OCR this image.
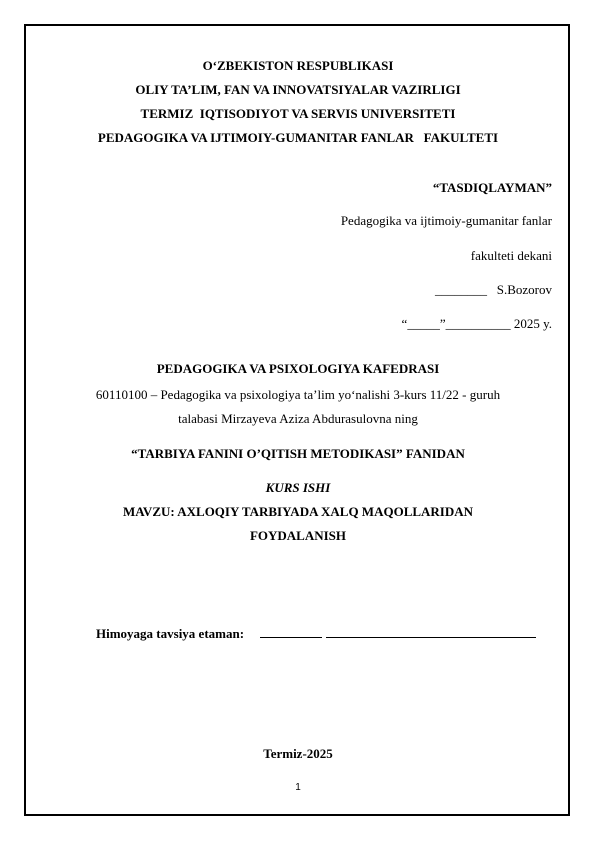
O‘ZBEKISTON RESPUBLIKASI
OLIY TA’LIM, FAN VA INNOVATSIYALAR VAZIRLIGI
TERMIZ  IQTISODIYOT VA SERVIS UNIVERSITETI
PEDAGOGIKA VA IJTIMOIY-GUMANITAR FANLAR   FAKULTETI
“TASDIQLAYMAN”
Pedagogika va ijtimoiy-gumanitar fanlar
fakulteti dekani
________   S.Bozorov
“_____”__________ 2025 y.
PEDAGOGIKA VA PSIXOLOGIYA KAFEDRASI
60110100 – Pedagogika va psixologiya ta’lim yo‘nalishi 3-kurs 11/22 - guruh
talabasi Mirzayeva Aziza Abdurasulovna ning
“TARBIYA FANINI O’QITISH METODIKASI” FANIDAN
KURS ISHI
MAVZU: AXLOQIY TARBIYADA XALQ MAQOLLARIDAN
FOYDALANISH
Himoyaga tavsiya etaman:
Termiz-2025
1
